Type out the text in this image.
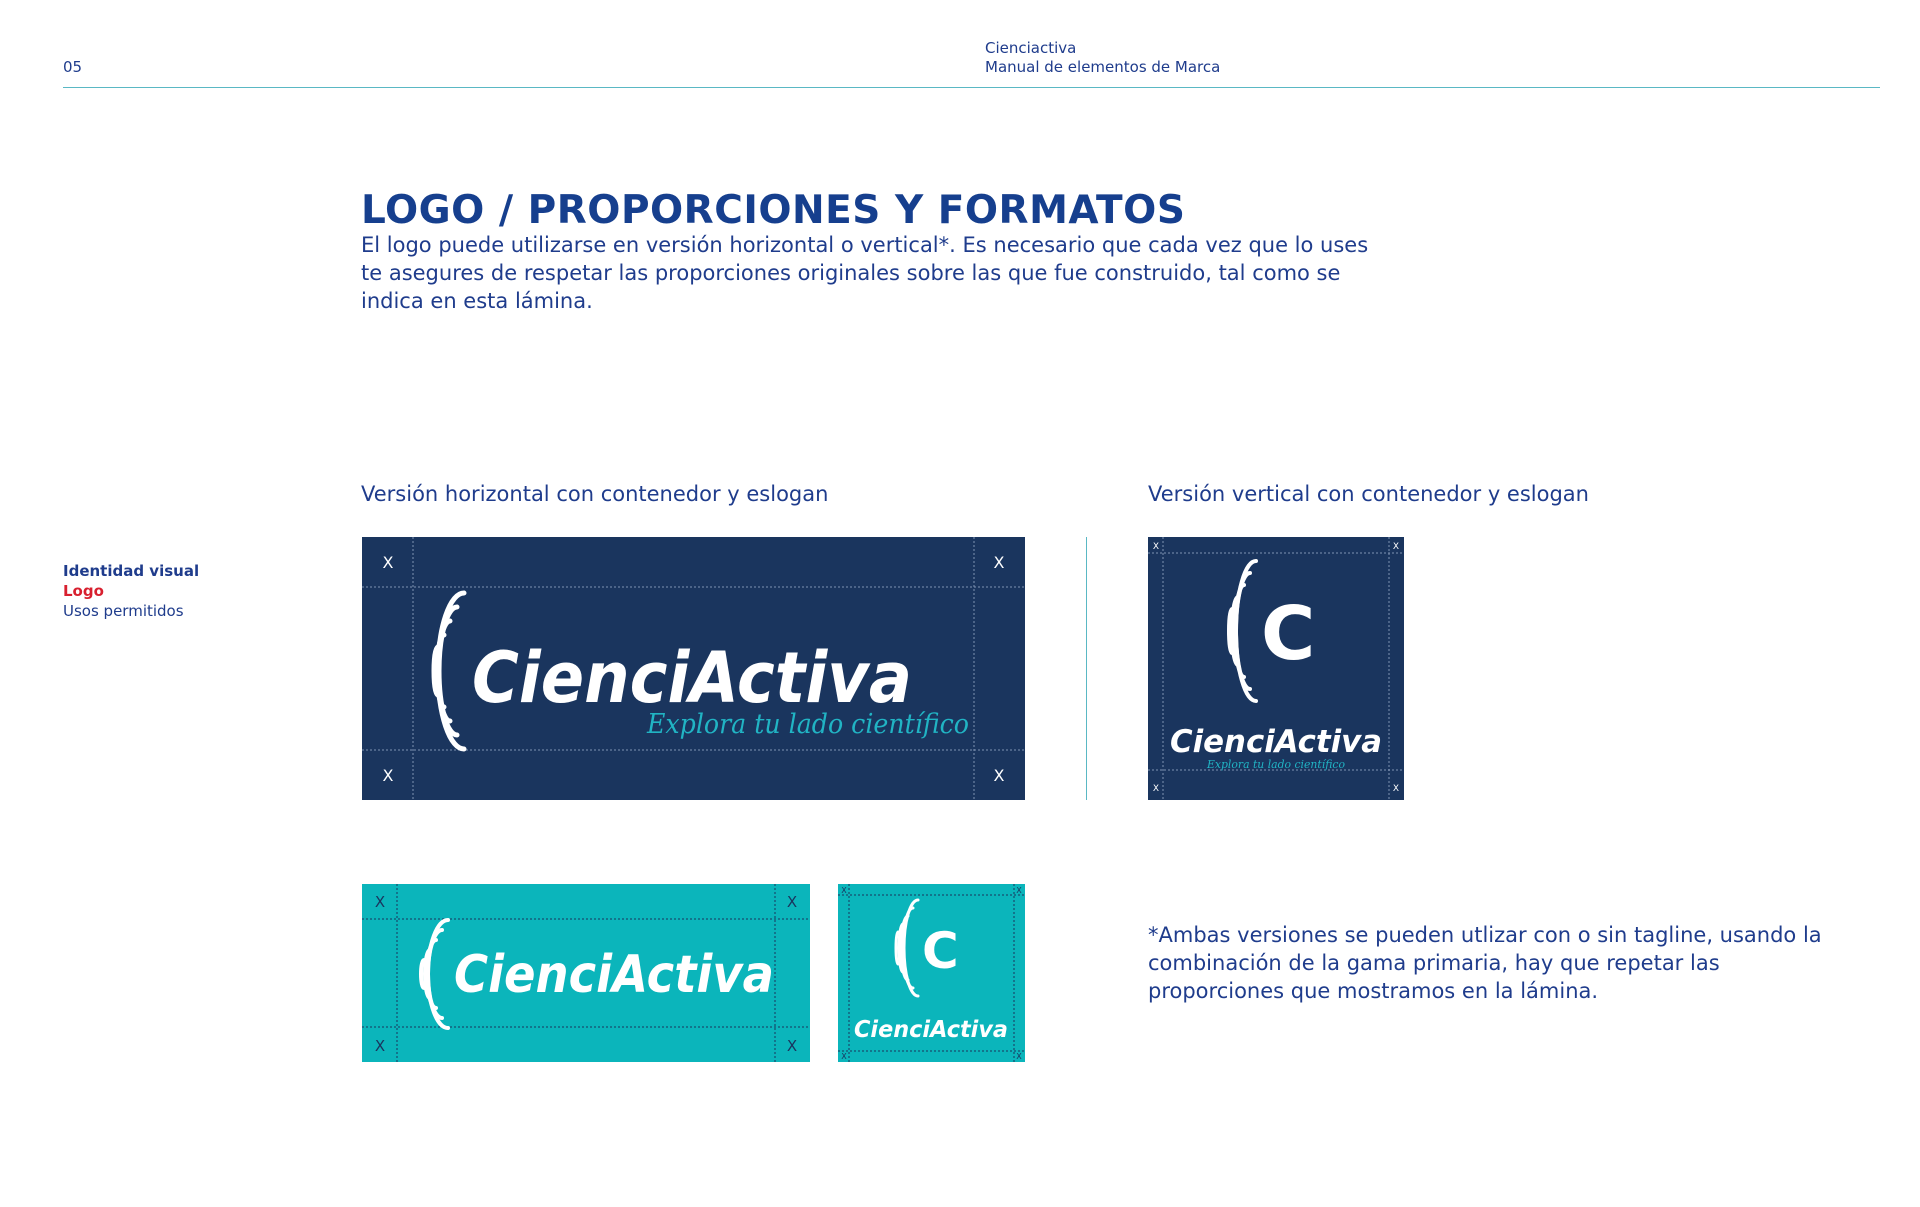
05
Cienciactiva
Manual de elementos de Marca
Identidad visual
Logo
Usos permitidos
LOGO / PROPORCIONES Y FORMATOS
El logo puede utilizarse en versión horizontal o vertical*. Es necesario que cada vez que lo uses te asegures de respetar las proporciones originales sobre las que fue construido, tal como se indica en esta lámina.
Versión horizontal con contenedor y eslogan	Versión vertical con contenedor y eslogan
X	X
X	X
CienciActiva
Explora tu lado científico
X	X
X	X
C
CienciActiva
Explora tu lado científico
X	X
X	X
CienciActiva
X	X
X	X
C
CienciActiva
*Ambas versiones se pueden utlizar con o sin tagline, usando la combinación de la gama primaria, hay que repetar las proporciones que mostramos en la lámina.
